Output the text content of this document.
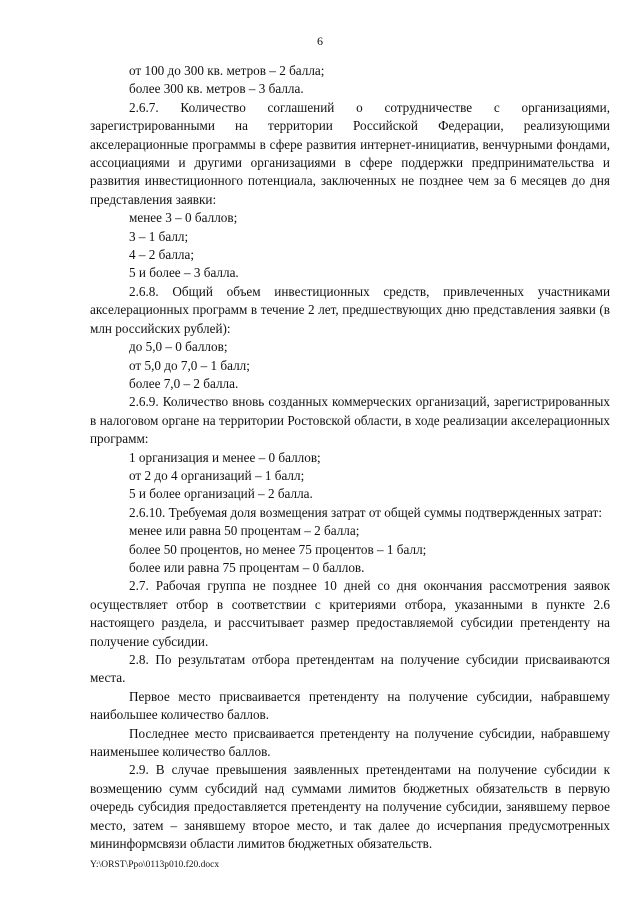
6

от 100 до 300 кв. метров – 2 балла;

более 300 кв. метров – 3 балла.

2.6.7. Количество соглашений о сотрудничестве с организациями, зарегистрированными на территории Российской Федерации, реализующими акселерационные программы в сфере развития интернет-инициатив, венчурными фондами, ассоциациями и другими организациями в сфере поддержки предпринимательства и развития инвестиционного потенциала, заключенных не позднее чем за 6 месяцев до дня представления заявки:

менее 3 – 0 баллов;

3 – 1 балл;

4 – 2 балла;

5 и более – 3 балла.

2.6.8. Общий объем инвестиционных средств, привлеченных участниками акселерационных программ в течение 2 лет, предшествующих дню представления заявки (в млн российских рублей):

до 5,0 – 0 баллов;

от 5,0 до 7,0 – 1 балл;

более 7,0 – 2 балла.

2.6.9. Количество вновь созданных коммерческих организаций, зарегистрированных в налоговом органе на территории Ростовской области, в ходе реализации акселерационных программ:

1 организация и менее – 0 баллов;

от 2 до 4 организаций – 1 балл;

5 и более организаций – 2 балла.

2.6.10. Требуемая доля возмещения затрат от общей суммы подтвержденных затрат:

менее или равна 50 процентам – 2 балла;

более 50 процентов, но менее 75 процентов – 1 балл;

более или равна 75 процентам – 0 баллов.

2.7. Рабочая группа не позднее 10 дней со дня окончания рассмотрения заявок осуществляет отбор в соответствии с критериями отбора, указанными в пункте 2.6 настоящего раздела, и рассчитывает размер предоставляемой субсидии претенденту на получение субсидии.

2.8. По результатам отбора претендентам на получение субсидии присваиваются места.

Первое место присваивается претенденту на получение субсидии, набравшему наибольшее количество баллов.

Последнее место присваивается претенденту на получение субсидии, набравшему наименьшее количество баллов.

2.9. В случае превышения заявленных претендентами на получение субсидии к возмещению сумм субсидий над суммами лимитов бюджетных обязательств в первую очередь субсидия предоставляется претенденту на получение субсидии, занявшему первое место, затем – занявшему второе место, и так далее до исчерпания предусмотренных мининформсвязи области лимитов бюджетных обязательств.

Y:\ORST\Ppo\0113p010.f20.docx
